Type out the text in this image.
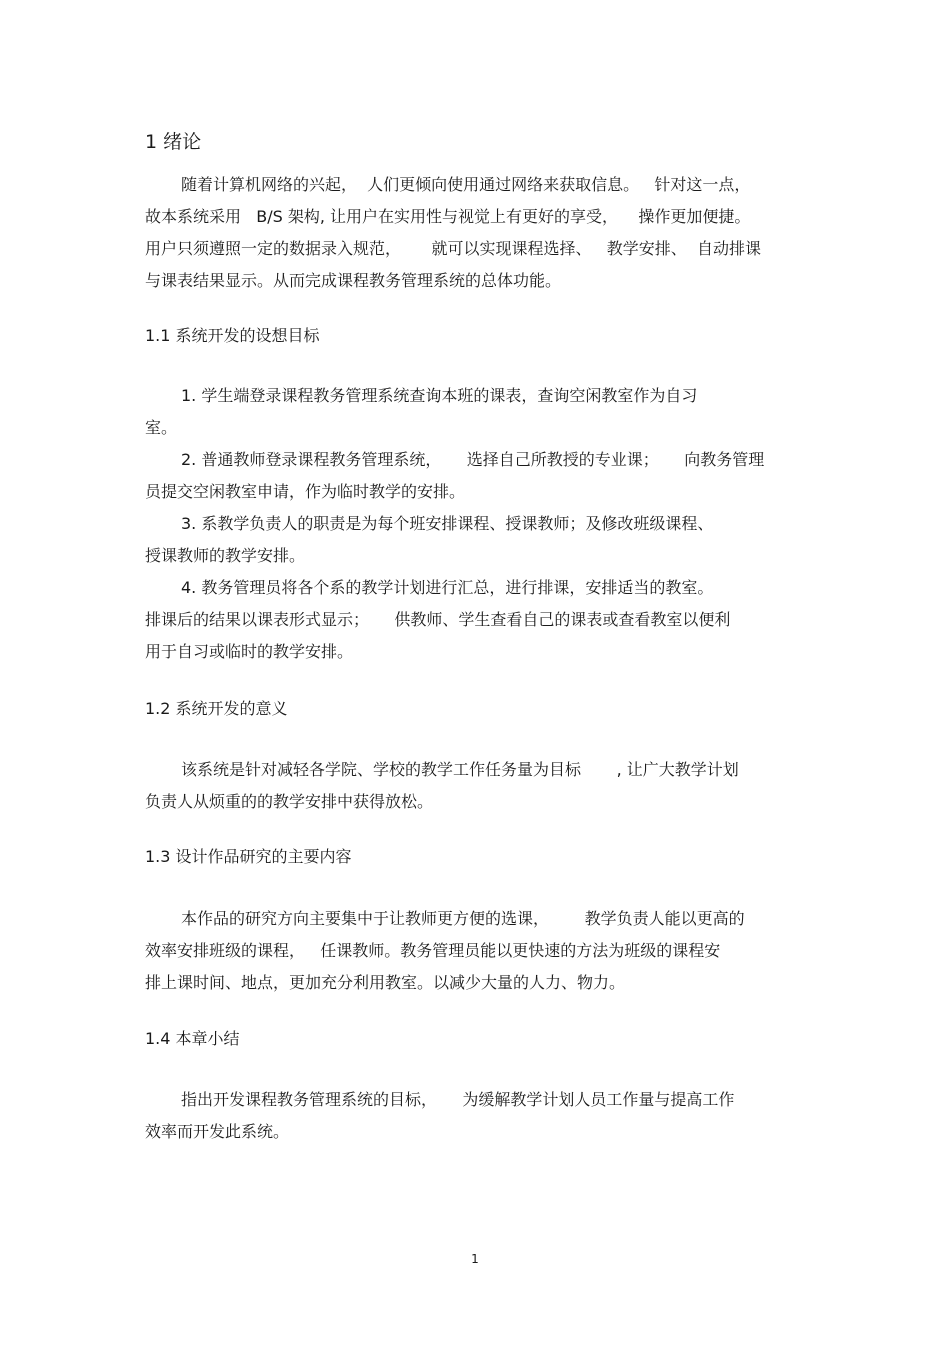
1 绪论
随着计算机网络的兴起，  人们更倾向使用通过网络来获取信息。   针对这一点，
故本系统采用   B/S 架构, 让用户在实用性与视觉上有更好的享受，    操作更加便捷。
用户只须遵照一定的数据录入规范，      就可以实现课程选择、   教学安排、  自动排课
与课表结果显示。从而完成课程教务管理系统的总体功能。
1.1 系统开发的设想目标
1. 学生端登录课程教务管理系统查询本班的课表，查询空闲教室作为自习
室。
2. 普通教师登录课程教务管理系统，     选择自己所教授的专业课；     向教务管理
员提交空闲教室申请，作为临时教学的安排。
3. 系教学负责人的职责是为每个班安排课程、授课教师；及修改班级课程、
授课教师的教学安排。
4. 教务管理员将各个系的教学计划进行汇总，进行排课，安排适当的教室。
排课后的结果以课表形式显示；     供教师、学生查看自己的课表或查看教室以便利
用于自习或临时的教学安排。
1.2 系统开发的意义
该系统是针对减轻各学院、学校的教学工作任务量为目标       , 让广大教学计划
负责人从烦重的的教学安排中获得放松。
1.3 设计作品研究的主要内容
本作品的研究方向主要集中于让教师更方便的选课，       教学负责人能以更高的
效率安排班级的课程，   任课教师。教务管理员能以更快速的方法为班级的课程安
排上课时间、地点，更加充分利用教室。以减少大量的人力、物力。
1.4 本章小结
指出开发课程教务管理系统的目标，     为缓解教学计划人员工作量与提高工作
效率而开发此系统。
1
